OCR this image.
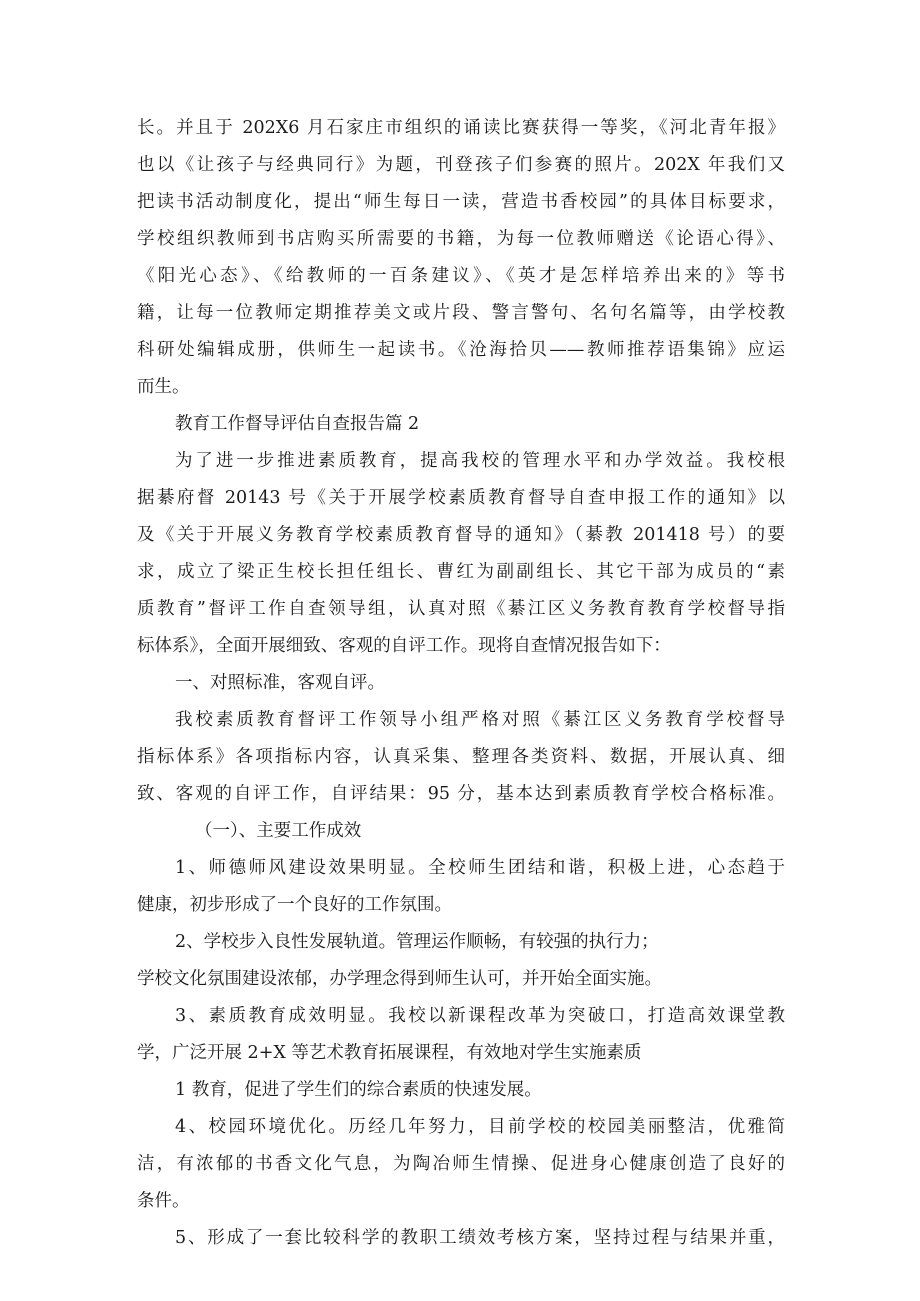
长。并且于 202X6 月石家庄市组织的诵读比赛获得一等奖，《河北青年报》
也以《让孩子与经典同行》为题，刊登孩子们参赛的照片。202X 年我们又
把读书活动制度化，提出“师生每日一读，营造书香校园”的具体目标要求，
学校组织教师到书店购买所需要的书籍，为每一位教师赠送《论语心得》、
《阳光心态》、《给教师的一百条建议》、《英才是怎样培养出来的》等书
籍，让每一位教师定期推荐美文或片段、警言警句、名句名篇等，由学校教
科研处编辑成册，供师生一起读书。《沧海拾贝——教师推荐语集锦》应运
而生。
教育工作督导评估自查报告篇 2
为了进一步推进素质教育，提高我校的管理水平和办学效益。我校根
据綦府督 20143 号《关于开展学校素质教育督导自查申报工作的通知》以
及《关于开展义务教育学校素质教育督导的通知》（綦教 201418 号）的要
求，成立了梁正生校长担任组长、曹红为副副组长、其它干部为成员的“素
质教育”督评工作自查领导组，认真对照《綦江区义务教育教育学校督导指
标体系》，全面开展细致、客观的自评工作。现将自查情况报告如下：
一、对照标准，客观自评。
我校素质教育督评工作领导小组严格对照《綦江区义务教育学校督导
指标体系》各项指标内容，认真采集、整理各类资料、数据，开展认真、细
致、客观的自评工作，自评结果：95 分，基本达到素质教育学校合格标准。
（一）、主要工作成效
1、师德师风建设效果明显。全校师生团结和谐，积极上进，心态趋于
健康，初步形成了一个良好的工作氛围。
2、学校步入良性发展轨道。管理运作顺畅，有较强的执行力；
学校文化氛围建设浓郁，办学理念得到师生认可，并开始全面实施。
3、素质教育成效明显。我校以新课程改革为突破口，打造高效课堂教
学，广泛开展 2+X 等艺术教育拓展课程，有效地对学生实施素质
1 教育，促进了学生们的综合素质的快速发展。
4、校园环境优化。历经几年努力，目前学校的校园美丽整洁，优雅简
洁，有浓郁的书香文化气息，为陶冶师生情操、促进身心健康创造了良好的
条件。
5、形成了一套比较科学的教职工绩效考核方案，坚持过程与结果并重，
